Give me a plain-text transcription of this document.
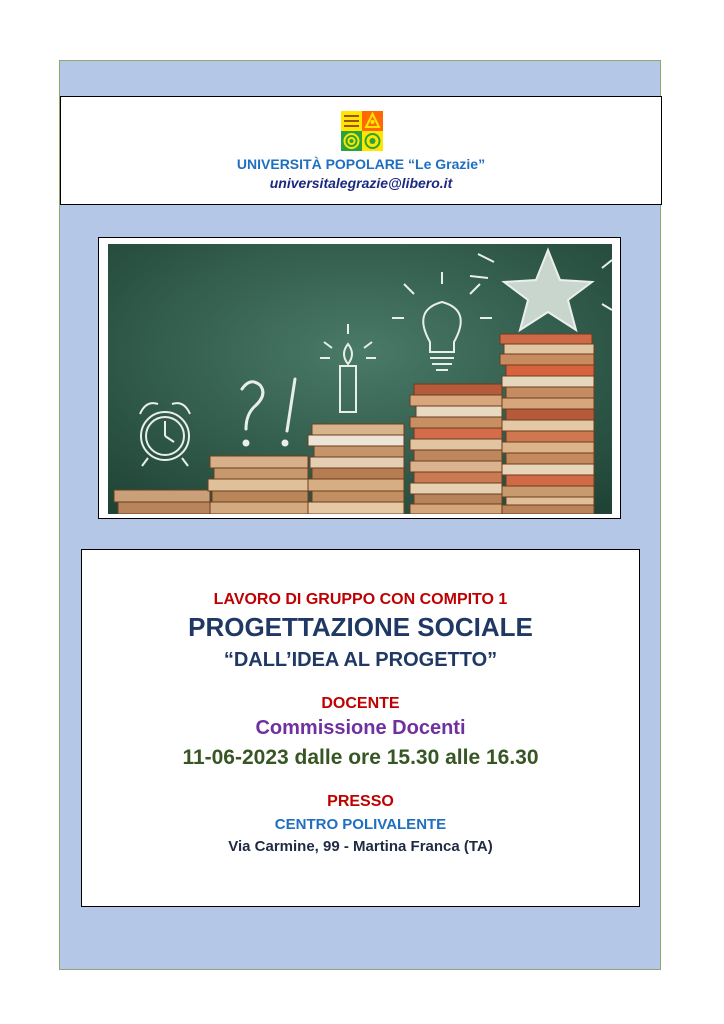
UNIVERSITÀ POPOLARE “Le Grazie”
universitalegrazie@libero.it
LAVORO DI GRUPPO CON COMPITO 1
PROGETTAZIONE SOCIALE
“DALL’IDEA AL PROGETTO”
DOCENTE
Commissione Docenti
11-06-2023 dalle ore 15.30 alle 16.30
PRESSO
CENTRO POLIVALENTE
Via Carmine, 99 - Martina Franca (TA)
